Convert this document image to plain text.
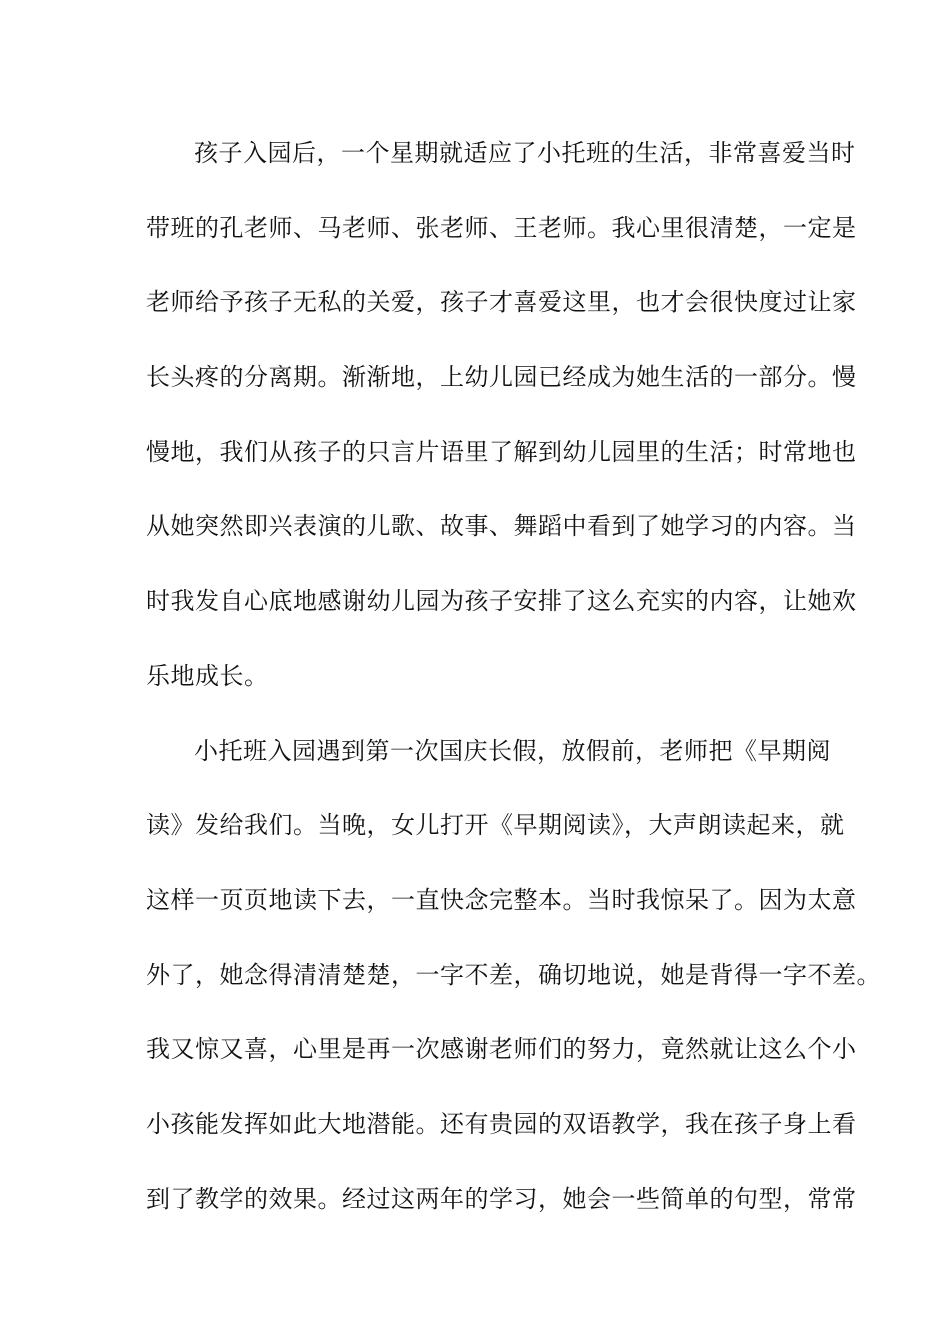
孩子入园后，一个星期就适应了小托班的生活，非常喜爱当时
带班的孔老师、马老师、张老师、王老师。我心里很清楚，一定是
老师给予孩子无私的关爱，孩子才喜爱这里，也才会很快度过让家
长头疼的分离期。渐渐地，上幼儿园已经成为她生活的一部分。慢
慢地，我们从孩子的只言片语里了解到幼儿园里的生活；时常地也
从她突然即兴表演的儿歌、故事、舞蹈中看到了她学习的内容。当
时我发自心底地感谢幼儿园为孩子安排了这么充实的内容，让她欢
乐地成长。
小托班入园遇到第一次国庆长假，放假前，老师把《早期阅
读》发给我们。当晚，女儿打开《早期阅读》，大声朗读起来，就
这样一页页地读下去，一直快念完整本。当时我惊呆了。因为太意
外了，她念得清清楚楚，一字不差，确切地说，她是背得一字不差。
我又惊又喜，心里是再一次感谢老师们的努力，竟然就让这么个小
小孩能发挥如此大地潜能。还有贵园的双语教学，我在孩子身上看
到了教学的效果。经过这两年的学习，她会一些简单的句型，常常
